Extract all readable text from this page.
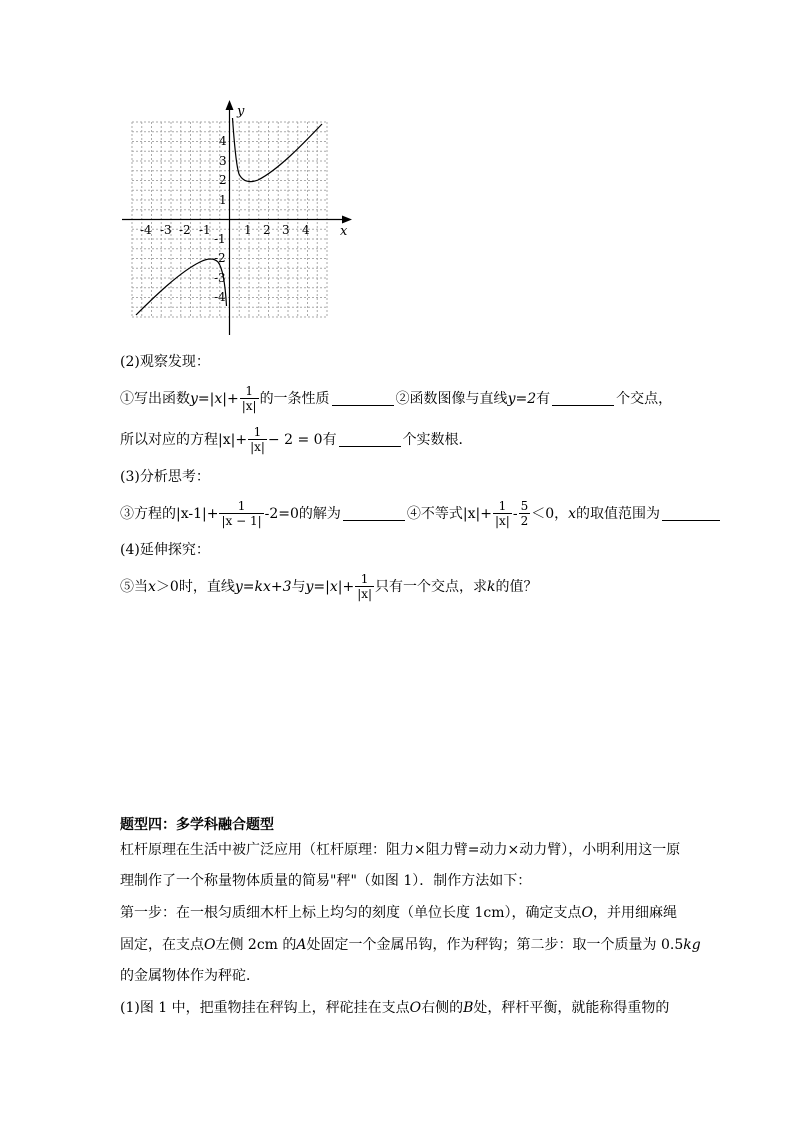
y
x
-4 -3 -2 -1	1 2 3 4
4
3
2
1
-1
-2
-3
-4
(2)观察发现：
①写出函数$y=|x|+ \frac{1}{|x|}$ 的一条性质	②函数图像与直线y=2有	个交点，
所以对应的方程$|x|+ \frac{1}{|x|} - 2 = 0$有	个实数根．
(3)分析思考：
③方程的$|x-1|+ \frac{1}{|x - 1|} -2=0$的解为	④不等式$|x|+ \frac{1}{|x|} - \frac{5}{2} <0$，x的取值范围为
(4)延伸探究：
⑤当x＞0时，直线y=kx+3与$y=|x|+ \frac{1}{|x|}$ 只有一个交点，求k的值？
题型四：多学科融合题型
杠杆原理在生活中被广泛应用（杠杆原理：阻力×阻力臂=动力×动力臂），小明利用这一原
理制作了一个称量物体质量的简易"秤"（如图 1）．制作方法如下：
第一步：在一根匀质细木杆上标上均匀的刻度（单位长度 1cm），确定支点O，并用细麻绳
固定，在支点O左侧 2cm 的A处固定一个金属吊钩，作为秤钩；第二步：取一个质量为 0.5kg
的金属物体作为秤砣．
(1)图 1 中，把重物挂在秤钩上，秤砣挂在支点O右侧的B处，秤杆平衡，就能称得重物的
